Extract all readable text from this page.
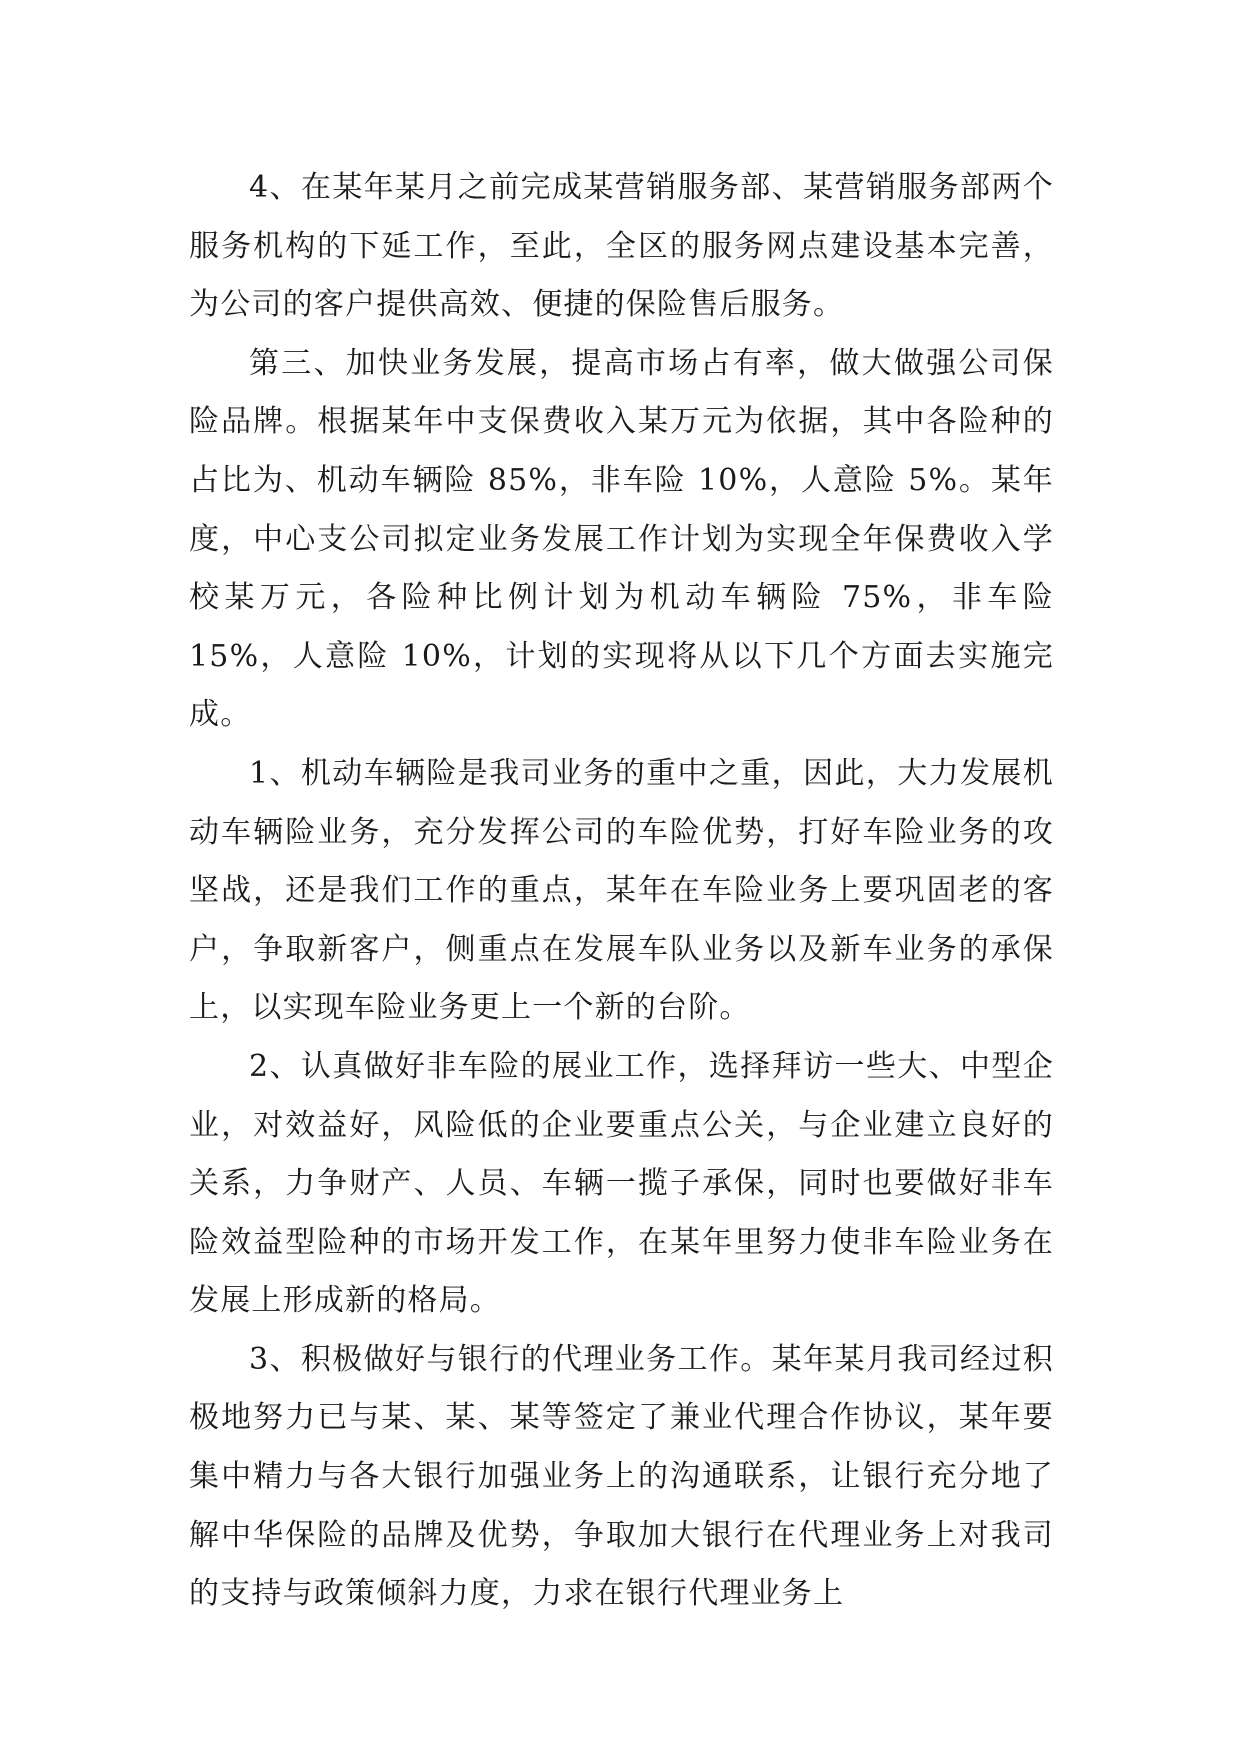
4、在某年某月之前完成某营销服务部、某营销服务部两个服务机构的下延工作，至此，全区的服务网点建设基本完善，为公司的客户提供高效、便捷的保险售后服务。

第三、加快业务发展，提高市场占有率，做大做强公司保险品牌。根据某年中支保费收入某万元为依据，其中各险种的占比为、机动车辆险 85%，非车险 10%，人意险 5%。某年度，中心支公司拟定业务发展工作计划为实现全年保费收入学校某万元，各险种比例计划为机动车辆险 75%，非车险 15%，人意险 10%，计划的实现将从以下几个方面去实施完成。

1、机动车辆险是我司业务的重中之重，因此，大力发展机动车辆险业务，充分发挥公司的车险优势，打好车险业务的攻坚战，还是我们工作的重点，某年在车险业务上要巩固老的客户，争取新客户，侧重点在发展车队业务以及新车业务的承保上，以实现车险业务更上一个新的台阶。

2、认真做好非车险的展业工作，选择拜访一些大、中型企业，对效益好，风险低的企业要重点公关，与企业建立良好的关系，力争财产、人员、车辆一揽子承保，同时也要做好非车险效益型险种的市场开发工作，在某年里努力使非车险业务在发展上形成新的格局。

3、积极做好与银行的代理业务工作。某年某月我司经过积极地努力已与某、某、某等签定了兼业代理合作协议，某年要集中精力与各大银行加强业务上的沟通联系，让银行充分地了解中华保险的品牌及优势，争取加大银行在代理业务上对我司的支持与政策倾斜力度，力求在银行代理业务上
